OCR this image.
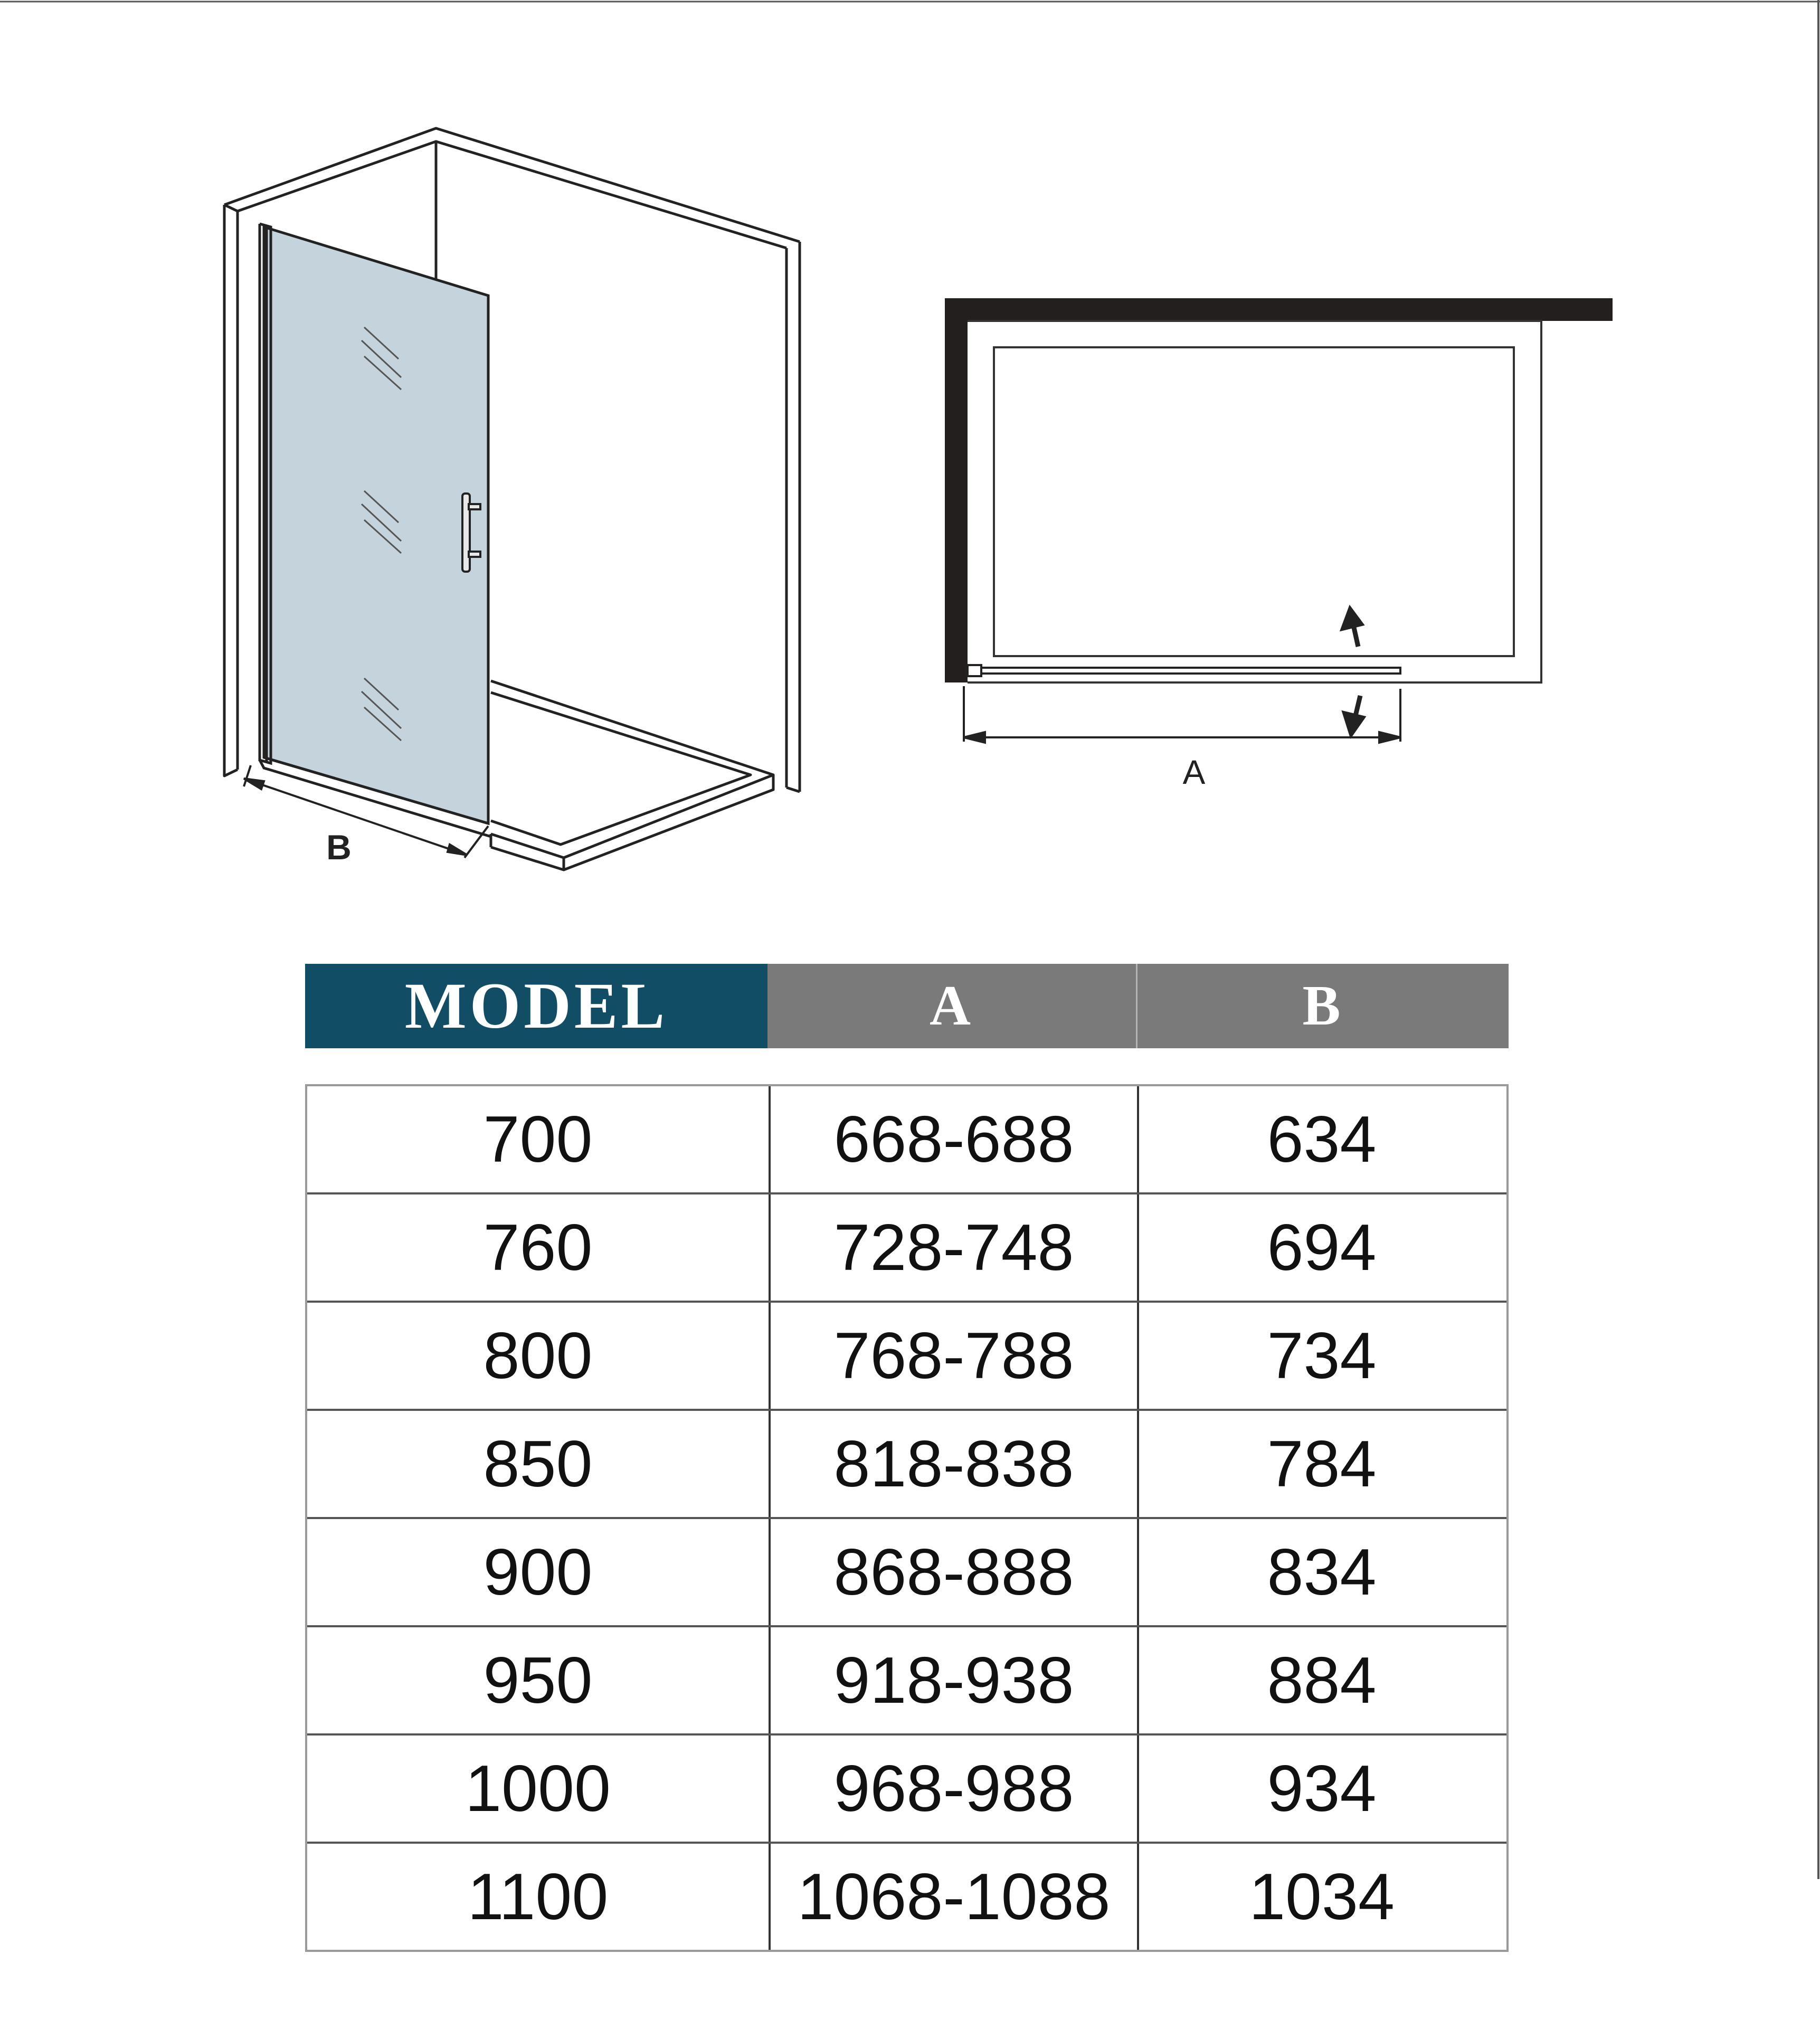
B
A
MODEL	A	B
700	668-688	634
760	728-748	694
800	768-788	734
850	818-838	784
900	868-888	834
950	918-938	884
1000	968-988	934
1100	1068-1088	1034
